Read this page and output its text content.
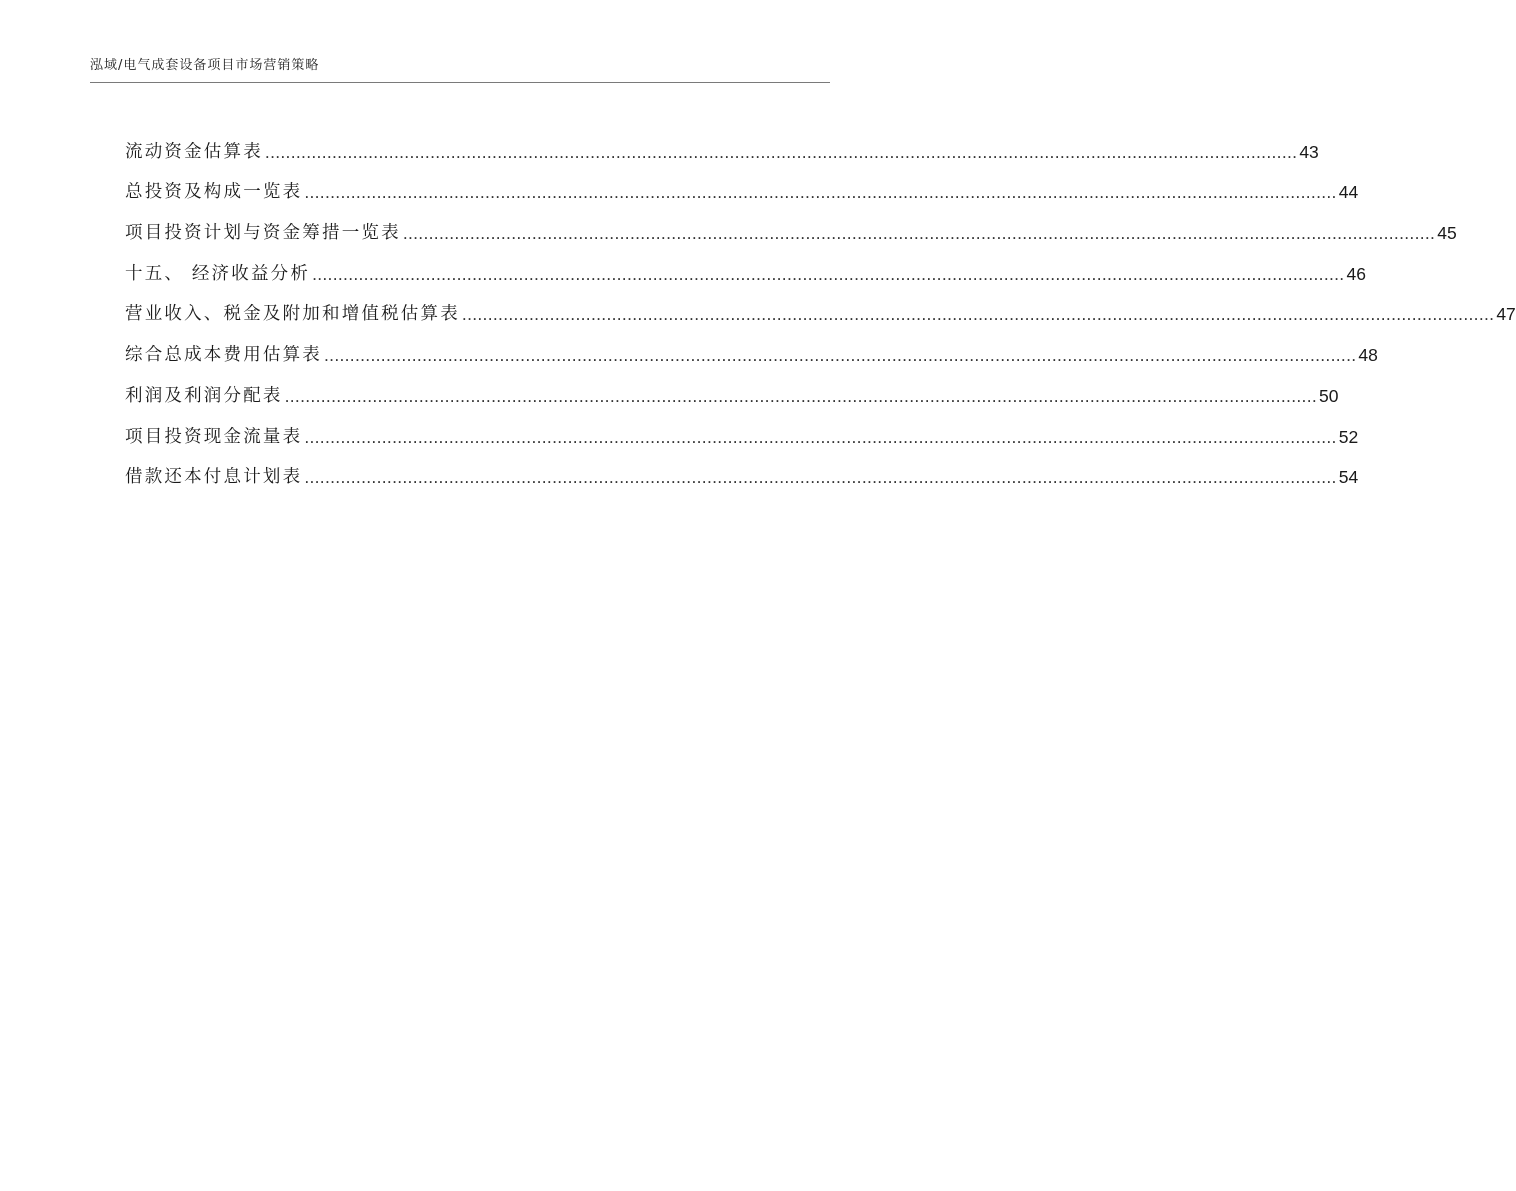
泓域/电气成套设备项目市场营销策略
流动资金估算表 ........................................................................................................................................................................................................ 43
总投资及构成一览表 ........................................................................................................................................................................................................ 44
项目投资计划与资金筹措一览表 ........................................................................................................................................................................................................ 45
十五、 经济收益分析 ........................................................................................................................................................................................................ 46
营业收入、税金及附加和增值税估算表 ........................................................................................................................................................................................................ 47
综合总成本费用估算表 ........................................................................................................................................................................................................ 48
利润及利润分配表 ........................................................................................................................................................................................................ 50
项目投资现金流量表 ........................................................................................................................................................................................................ 52
借款还本付息计划表 ........................................................................................................................................................................................................ 54
